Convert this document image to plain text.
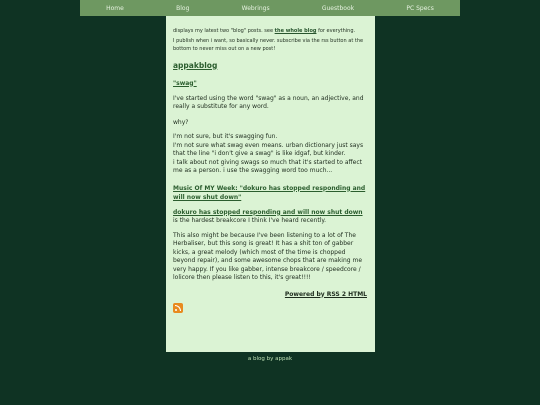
Home	Blog	Webrings	Guestbook	PC Specs

displays my latest two "blog" posts. see the whole blog for everything.

I publish when i want, so basically never. subscribe via the rss button at the bottom to never miss out on a new post!

appakblog
"swag"

I've started using the word "swag" as a noun, an adjective, and really a substitute for any word.

why?

I'm not sure, but it's swagging fun.
I'm not sure what swag even means. urban dictionary just says that the line "i don't give a swag" is like idgaf, but kinder.
i talk about not giving swags so much that it's started to affect me as a person. i use the swagging word too much...

Music Of MY Week: "dokuro has stopped responding and will now shut down"

dokuro has stopped responding and will now shut down is the hardest breakcore I think I've heard recently.

This also might be because I've been listening to a lot of The Herbaliser, but this song is great! It has a shit ton of gabber kicks, a great melody (which most of the time is chopped beyond repair), and some awesome chops that are making me very happy. If you like gabber, intense breakcore / speedcore / lolicore then please listen to this, it's great!!!!

Powered by RSS 2 HTML

a blog by appak
